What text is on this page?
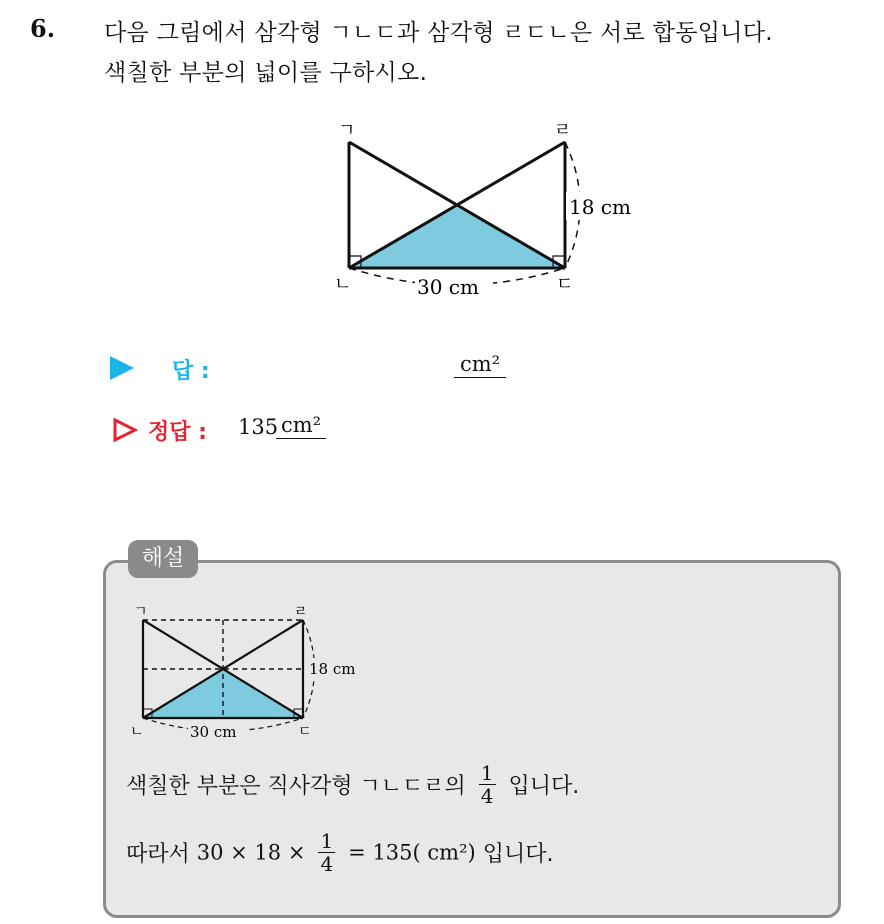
6. 다음 그림에서 삼각형 ㄱㄴㄷ과 삼각형 ㄹㄷㄴ은 서로 합동입니다.
색칠한 부분의 넓이를 구하시오.
ㄱ	ㄹ
ㄴ	ㄷ
18 cm
30 cm
답 :	cm²
정답 : 135 cm²
해설
ㄱ	ㄹ
ㄴ	ㄷ
18 cm
30 cm
색칠한 부분은 직사각형 ㄱㄴㄷㄹ의 $\frac{1}{4}$ 입니다.
따라서 $30 \times 18 \times \frac{1}{4} = 135$( cm²) 입니다.
